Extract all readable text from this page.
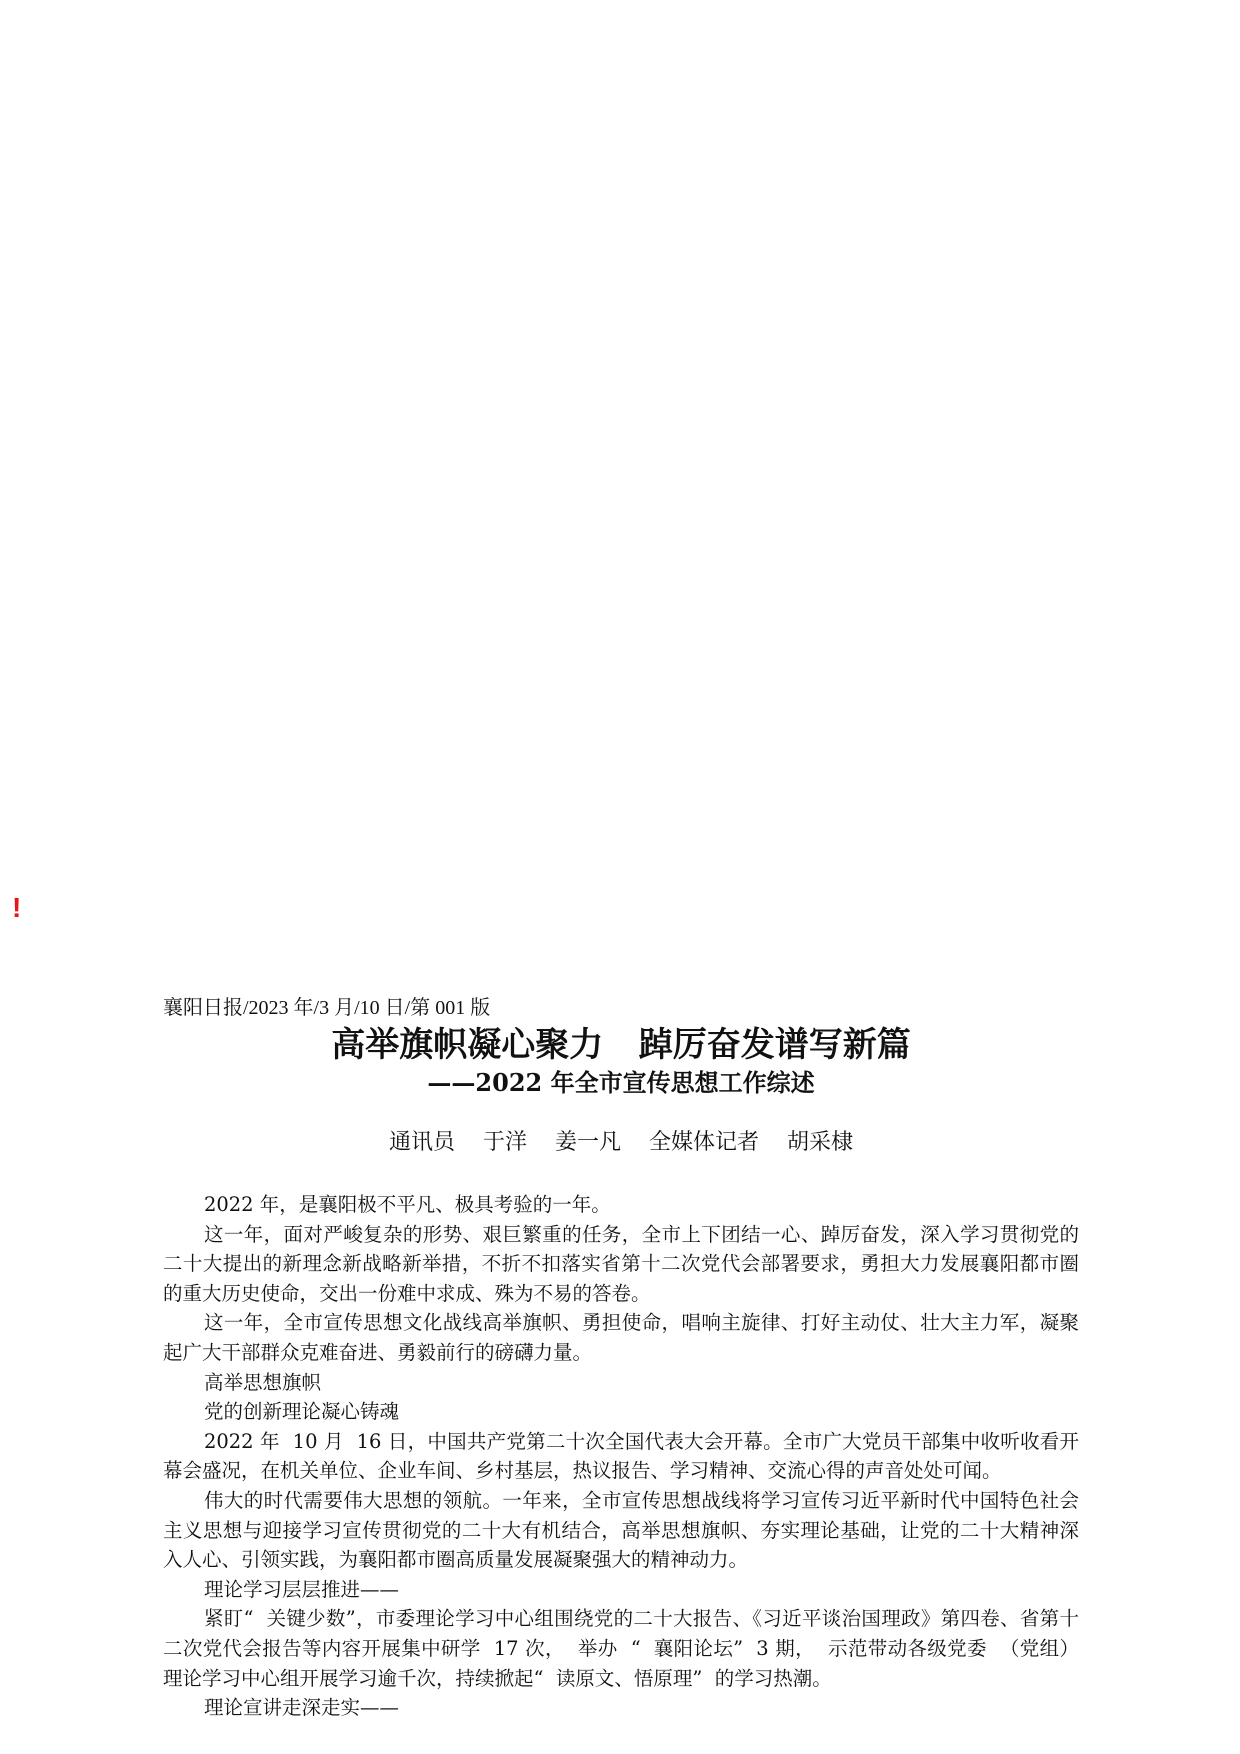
!

襄阳日报/2023 年/3 月/10 日/第 001 版

高举旗帜凝心聚力   踔厉奋发谱写新篇
——2022 年全市宣传思想工作综述

通讯员    于洋    姜一凡    全媒体记者    胡采棣

2022 年，是襄阳极不平凡、极具考验的一年。

这一年，面对严峻复杂的形势、艰巨繁重的任务，全市上下团结一心、踔厉奋发，深入学习贯彻党的二十大提出的新理念新战略新举措，不折不扣落实省第十二次党代会部署要求，勇担大力发展襄阳都市圈的重大历史使命，交出一份难中求成、殊为不易的答卷。

这一年，全市宣传思想文化战线高举旗帜、勇担使命，唱响主旋律、打好主动仗、壮大主力军，凝聚起广大干部群众克难奋进、勇毅前行的磅礴力量。

高举思想旗帜

党的创新理论凝心铸魂

2022 年  10 月  16 日，中国共产党第二十次全国代表大会开幕。全市广大党员干部集中收听收看开幕会盛况，在机关单位、企业车间、乡村基层，热议报告、学习精神、交流心得的声音处处可闻。

伟大的时代需要伟大思想的领航。一年来，全市宣传思想战线将学习宣传习近平新时代中国特色社会主义思想与迎接学习宣传贯彻党的二十大有机结合，高举思想旗帜、夯实理论基础，让党的二十大精神深入人心、引领实践，为襄阳都市圈高质量发展凝聚强大的精神动力。

理论学习层层推进——

紧盯“  关键少数”，市委理论学习中心组围绕党的二十大报告、《习近平谈治国理政》第四卷、省第十二次党代会报告等内容开展集中研学  17 次，  举办  “  襄阳论坛”  3 期，  示范带动各级党委  （党组）理论学习中心组开展学习逾千次，持续掀起“  读原文、悟原理”  的学习热潮。

理论宣讲走深走实——
